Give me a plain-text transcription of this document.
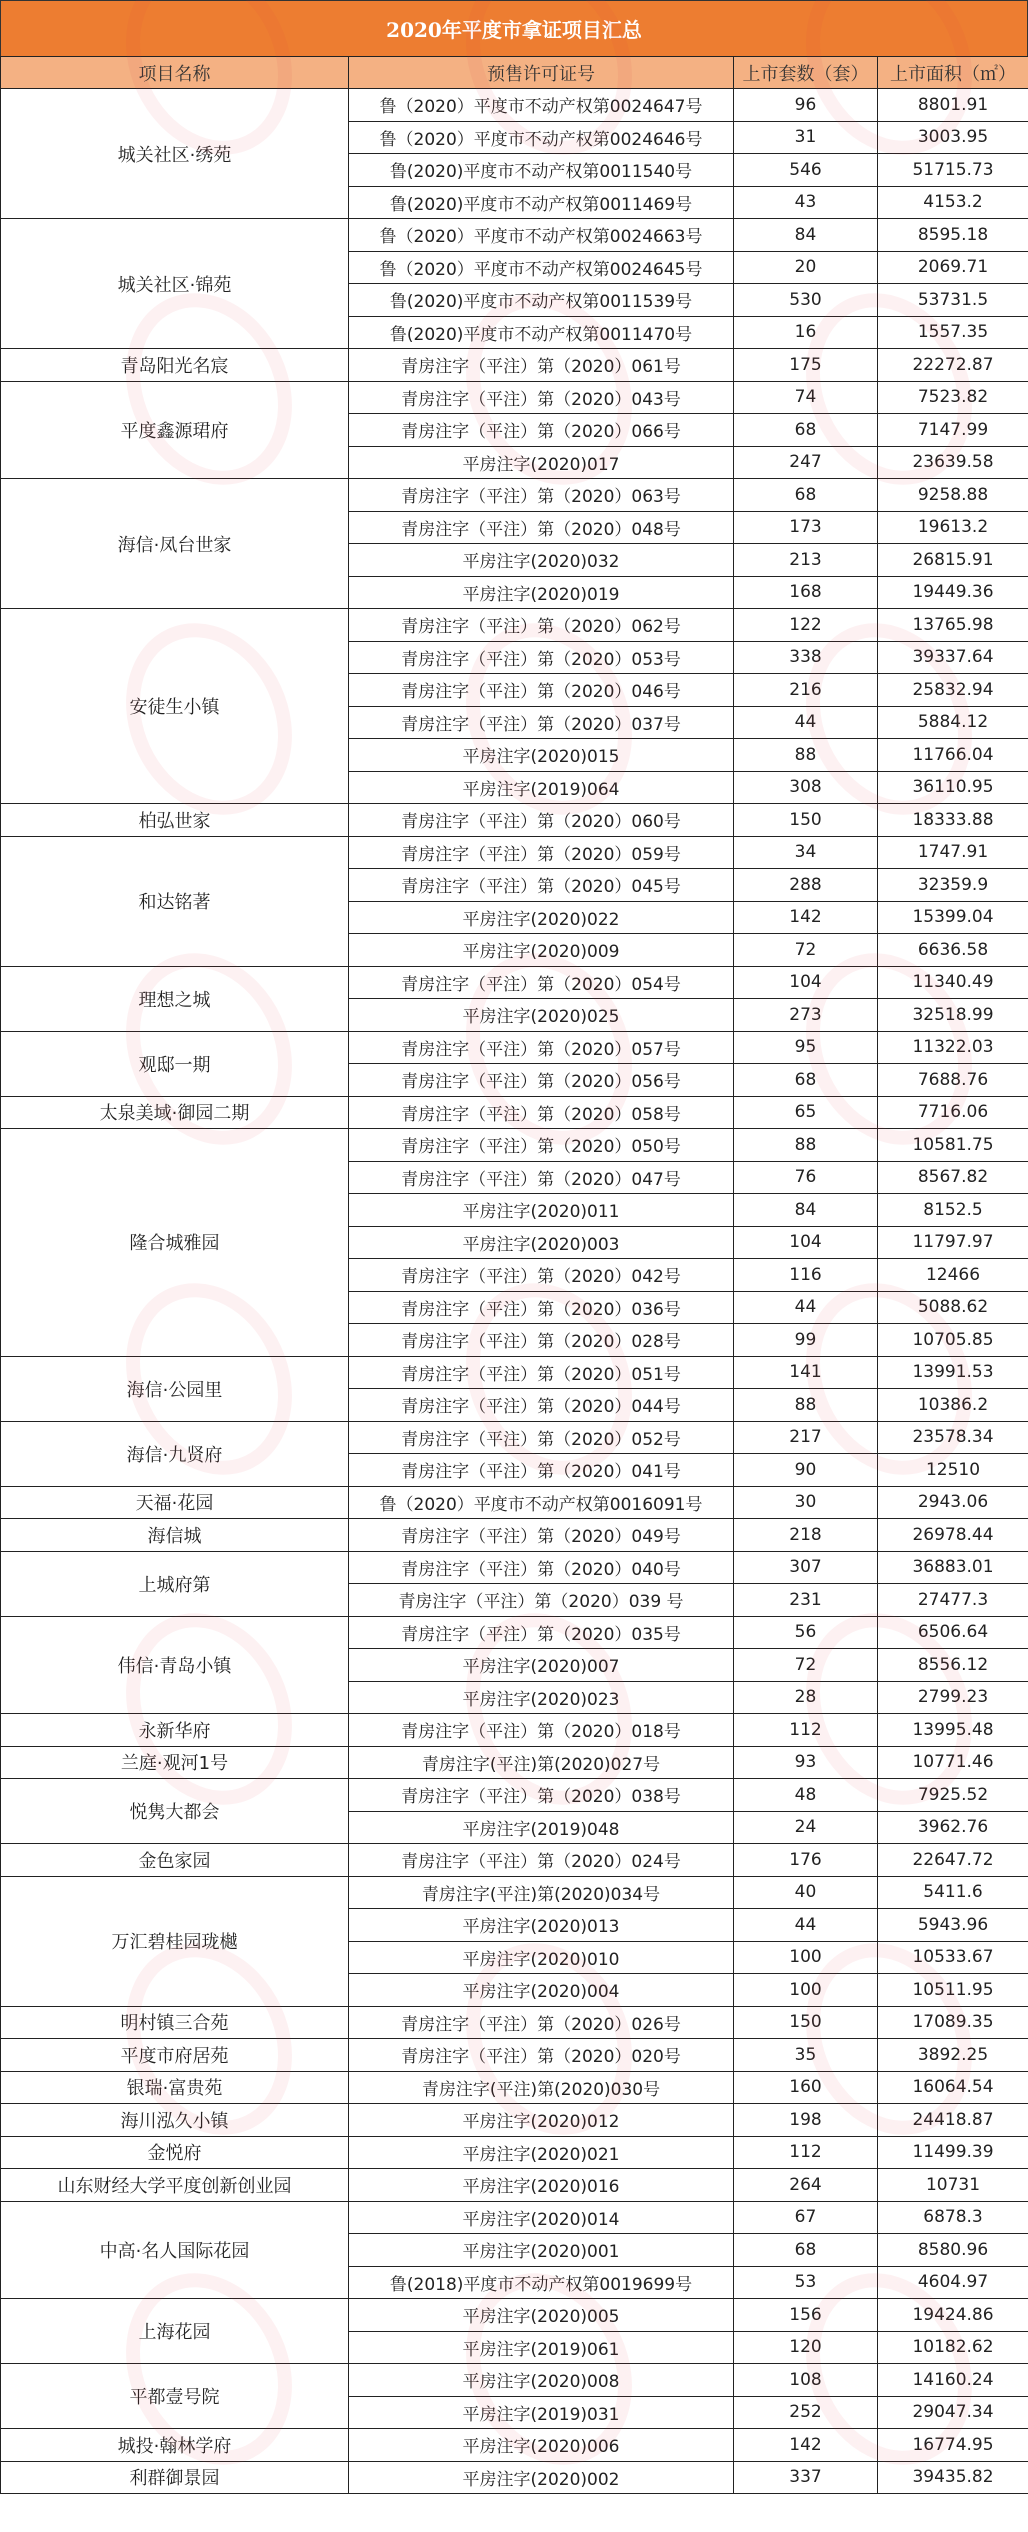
2020年平度市拿证项目汇总
项目名称	预售许可证号	上市套数（套）	上市面积（㎡）
城关社区·绣苑	鲁（2020）平度市不动产权第0024647号	96	8801.91
	鲁（2020）平度市不动产权第0024646号	31	3003.95
	鲁(2020)平度市不动产权第0011540号	546	51715.73
	鲁(2020)平度市不动产权第0011469号	43	4153.2
城关社区·锦苑	鲁（2020）平度市不动产权第0024663号	84	8595.18
	鲁（2020）平度市不动产权第0024645号	20	2069.71
	鲁(2020)平度市不动产权第0011539号	530	53731.5
	鲁(2020)平度市不动产权第0011470号	16	1557.35
青岛阳光名宸	青房注字（平注）第（2020）061号	175	22272.87
平度鑫源珺府	青房注字（平注）第（2020）043号	74	7523.82
	青房注字（平注）第（2020）066号	68	7147.99
	平房注字(2020)017	247	23639.58
海信·凤台世家	青房注字（平注）第（2020）063号	68	9258.88
	青房注字（平注）第（2020）048号	173	19613.2
	平房注字(2020)032	213	26815.91
	平房注字(2020)019	168	19449.36
安徒生小镇	青房注字（平注）第（2020）062号	122	13765.98
	青房注字（平注）第（2020）053号	338	39337.64
	青房注字（平注）第（2020）046号	216	25832.94
	青房注字（平注）第（2020）037号	44	5884.12
	平房注字(2020)015	88	11766.04
	平房注字(2019)064	308	36110.95
柏弘世家	青房注字（平注）第（2020）060号	150	18333.88
和达铭著	青房注字（平注）第（2020）059号	34	1747.91
	青房注字（平注）第（2020）045号	288	32359.9
	平房注字(2020)022	142	15399.04
	平房注字(2020)009	72	6636.58
理想之城	青房注字（平注）第（2020）054号	104	11340.49
	平房注字(2020)025	273	32518.99
观邸一期	青房注字（平注）第（2020）057号	95	11322.03
	青房注字（平注）第（2020）056号	68	7688.76
太泉美域·御园二期	青房注字（平注）第（2020）058号	65	7716.06
隆合城雅园	青房注字（平注）第（2020）050号	88	10581.75
	青房注字（平注）第（2020）047号	76	8567.82
	平房注字(2020)011	84	8152.5
	平房注字(2020)003	104	11797.97
	青房注字（平注）第（2020）042号	116	12466
	青房注字（平注）第（2020）036号	44	5088.62
	青房注字（平注）第（2020）028号	99	10705.85
海信·公园里	青房注字（平注）第（2020）051号	141	13991.53
	青房注字（平注）第（2020）044号	88	10386.2
海信·九贤府	青房注字（平注）第（2020）052号	217	23578.34
	青房注字（平注）第（2020）041号	90	12510
天福·花园	鲁（2020）平度市不动产权第0016091号	30	2943.06
海信城	青房注字（平注）第（2020）049号	218	26978.44
上城府第	青房注字（平注）第（2020）040号	307	36883.01
	青房注字（平注）第（2020）039 号	231	27477.3
伟信·青岛小镇	青房注字（平注）第（2020）035号	56	6506.64
	平房注字(2020)007	72	8556.12
	平房注字(2020)023	28	2799.23
永新华府	青房注字（平注）第（2020）018号	112	13995.48
兰庭·观河1号	青房注字(平注)第(2020)027号	93	10771.46
悦隽大都会	青房注字（平注）第（2020）038号	48	7925.52
	平房注字(2019)048	24	3962.76
金色家园	青房注字（平注）第（2020）024号	176	22647.72
万汇碧桂园珑樾	青房注字(平注)第(2020)034号	40	5411.6
	平房注字(2020)013	44	5943.96
	平房注字(2020)010	100	10533.67
	平房注字(2020)004	100	10511.95
明村镇三合苑	青房注字（平注）第（2020）026号	150	17089.35
平度市府居苑	青房注字（平注）第（2020）020号	35	3892.25
银瑞·富贵苑	青房注字(平注)第(2020)030号	160	16064.54
海川泓久小镇	平房注字(2020)012	198	24418.87
金悦府	平房注字(2020)021	112	11499.39
山东财经大学平度创新创业园	平房注字(2020)016	264	10731
中高·名人国际花园	平房注字(2020)014	67	6878.3
	平房注字(2020)001	68	8580.96
	鲁(2018)平度市不动产权第0019699号	53	4604.97
上海花园	平房注字(2020)005	156	19424.86
	平房注字(2019)061	120	10182.62
平都壹号院	平房注字(2020)008	108	14160.24
	平房注字(2019)031	252	29047.34
城投·翰林学府	平房注字(2020)006	142	16774.95
利群御景园	平房注字(2020)002	337	39435.82
